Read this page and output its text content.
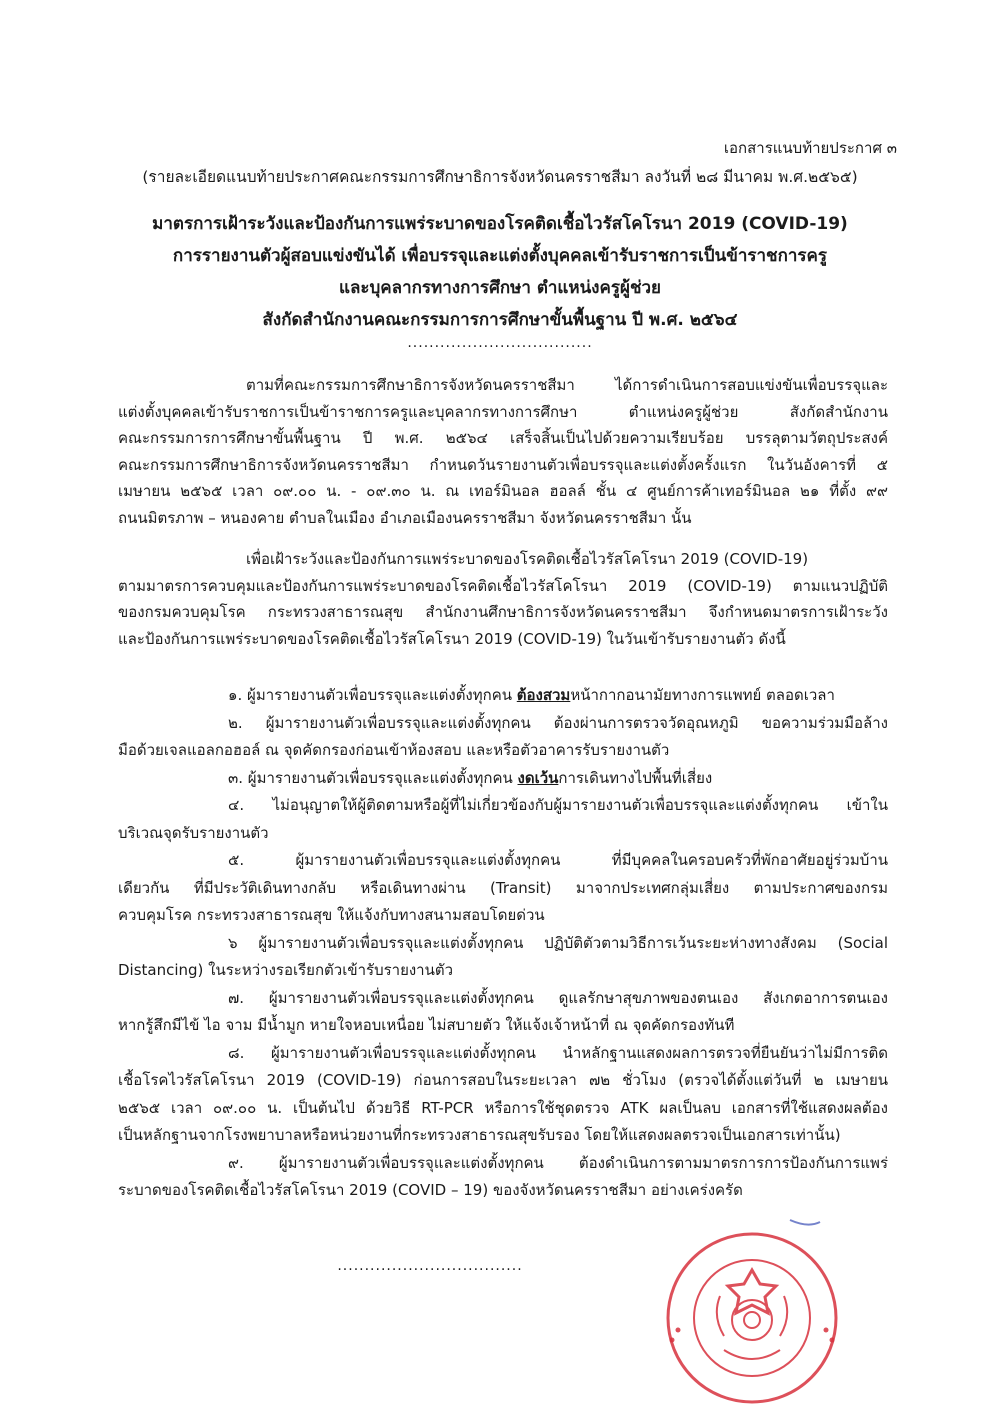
เอกสารแนบท้ายประกาศ ๓
(รายละเอียดแนบท้ายประกาศคณะกรรมการศึกษาธิการจังหวัดนครราชสีมา ลงวันที่ ๒๘ มีนาคม พ.ศ.๒๕๖๕)
มาตรการเฝ้าระวังและป้องกันการแพร่ระบาดของโรคติดเชื้อไวรัสโคโรนา 2019 (COVID-19)
การรายงานตัวผู้สอบแข่งขันได้ เพื่อบรรจุและแต่งตั้งบุคคลเข้ารับราชการเป็นข้าราชการครู
และบุคลากรทางการศึกษา ตำแหน่งครูผู้ช่วย
สังกัดสำนักงานคณะกรรมการการศึกษาขั้นพื้นฐาน ปี พ.ศ. ๒๕๖๔
..................................
ตามที่คณะกรรมการศึกษาธิการจังหวัดนครราชสีมา ได้การดำเนินการสอบแข่งขันเพื่อบรรจุและ
แต่งตั้งบุคคลเข้ารับราชการเป็นข้าราชการครูและบุคลากรทางการศึกษา ตำแหน่งครูผู้ช่วย สังกัดสำนักงาน
คณะกรรมการการศึกษาขั้นพื้นฐาน ปี พ.ศ. ๒๕๖๔ เสร็จสิ้นเป็นไปด้วยความเรียบร้อย บรรลุตามวัตถุประสงค์
คณะกรรมการศึกษาธิการจังหวัดนครราชสีมา กำหนดวันรายงานตัวเพื่อบรรจุและแต่งตั้งครั้งแรก ในวันอังคารที่ ๕
เมษายน ๒๕๖๕ เวลา ๐๙.๐๐ น. - ๐๙.๓๐ น. ณ เทอร์มินอล ฮอลล์ ชั้น ๔ ศูนย์การค้าเทอร์มินอล ๒๑ ที่ตั้ง ๙๙
ถนนมิตรภาพ – หนองคาย ตำบลในเมือง อำเภอเมืองนครราชสีมา จังหวัดนครราชสีมา นั้น
เพื่อเฝ้าระวังและป้องกันการแพร่ระบาดของโรคติดเชื้อไวรัสโคโรนา 2019 (COVID-19)
ตามมาตรการควบคุมและป้องกันการแพร่ระบาดของโรคติดเชื้อไวรัสโคโรนา 2019 (COVID-19) ตามแนวปฏิบัติ
ของกรมควบคุมโรค กระทรวงสาธารณสุข สำนักงานศึกษาธิการจังหวัดนครราชสีมา จึงกำหนดมาตรการเฝ้าระวัง
และป้องกันการแพร่ระบาดของโรคติดเชื้อไวรัสโคโรนา 2019 (COVID-19) ในวันเข้ารับรายงานตัว ดังนี้
๑. ผู้มารายงานตัวเพื่อบรรจุและแต่งตั้งทุกคน ต้องสวมหน้ากากอนามัยทางการแพทย์ ตลอดเวลา
๒. ผู้มารายงานตัวเพื่อบรรจุและแต่งตั้งทุกคน ต้องผ่านการตรวจวัดอุณหภูมิ ขอความร่วมมือล้าง
มือด้วยเจลแอลกอฮอล์ ณ จุดคัดกรองก่อนเข้าห้องสอบ และหรือตัวอาคารรับรายงานตัว
๓. ผู้มารายงานตัวเพื่อบรรจุและแต่งตั้งทุกคน งดเว้นการเดินทางไปพื้นที่เสี่ยง
๔. ไม่อนุญาตให้ผู้ติดตามหรือผู้ที่ไม่เกี่ยวข้องกับผู้มารายงานตัวเพื่อบรรจุและแต่งตั้งทุกคน เข้าใน
บริเวณจุดรับรายงานตัว
๕. ผู้มารายงานตัวเพื่อบรรจุและแต่งตั้งทุกคน ที่มีบุคคลในครอบครัวที่พักอาศัยอยู่ร่วมบ้าน
เดียวกัน ที่มีประวัติเดินทางกลับ หรือเดินทางผ่าน (Transit) มาจากประเทศกลุ่มเสี่ยง ตามประกาศของกรม
ควบคุมโรค กระทรวงสาธารณสุข ให้แจ้งกับทางสนามสอบโดยด่วน
๖ ผู้มารายงานตัวเพื่อบรรจุและแต่งตั้งทุกคน ปฏิบัติตัวตามวิธีการเว้นระยะห่างทางสังคม (Social
Distancing) ในระหว่างรอเรียกตัวเข้ารับรายงานตัว
๗. ผู้มารายงานตัวเพื่อบรรจุและแต่งตั้งทุกคน ดูแลรักษาสุขภาพของตนเอง สังเกตอาการตนเอง
หากรู้สึกมีไข้ ไอ จาม มีน้ำมูก หายใจหอบเหนื่อย ไม่สบายตัว ให้แจ้งเจ้าหน้าที่ ณ จุดคัดกรองทันที
๘. ผู้มารายงานตัวเพื่อบรรจุและแต่งตั้งทุกคน นำหลักฐานแสดงผลการตรวจที่ยืนยันว่าไม่มีการติด
เชื้อโรคไวรัสโคโรนา 2019 (COVID-19) ก่อนการสอบในระยะเวลา ๗๒ ชั่วโมง (ตรวจได้ตั้งแต่วันที่ ๒ เมษายน
๒๕๖๕ เวลา ๐๙.๐๐ น. เป็นต้นไป ด้วยวิธี RT-PCR หรือการใช้ชุดตรวจ ATK ผลเป็นลบ เอกสารที่ใช้แสดงผลต้อง
เป็นหลักฐานจากโรงพยาบาลหรือหน่วยงานที่กระทรวงสาธารณสุขรับรอง โดยให้แสดงผลตรวจเป็นเอกสารเท่านั้น)
๙. ผู้มารายงานตัวเพื่อบรรจุและแต่งตั้งทุกคน ต้องดำเนินการตามมาตรการการป้องกันการแพร่
ระบาดของโรคติดเชื้อไวรัสโคโรนา 2019 (COVID – 19) ของจังหวัดนครราชสีมา อย่างเคร่งครัด
..................................
